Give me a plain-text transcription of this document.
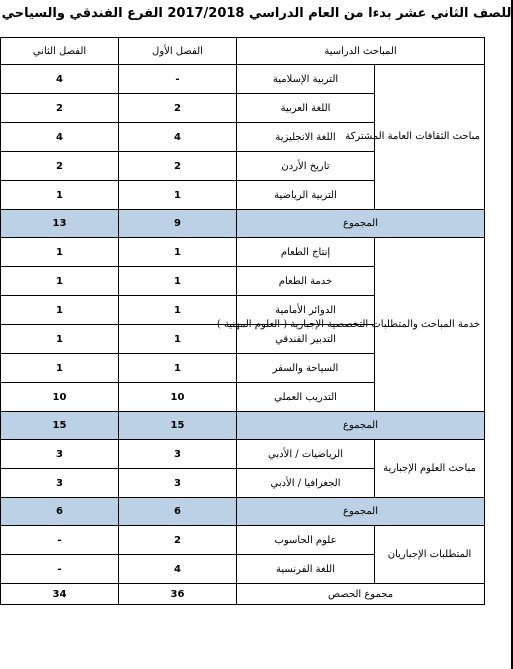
للصف الثاني عشر بدءا من العام الدراسي 2017/2018 الفرع الفندقي والسياحي
المباحث الدراسية		الفصل الأول	الفصل الثاني
مباحث الثقافات العامة المشتركة	التربية الإسلامية	-	4
	اللغة العربية	2	2
	اللغة الانجليزية	4	4
	تاريخ الأردن	2	2
	التربية الرياضية	1	1
المجموع		9	13
خدمة المباحث والمتطلبات التخصصية الإجبارية ( العلوم المهنية )	إنتاج الطعام	1	1
	خدمة الطعام	1	1
	الدوائر الأمامية	1	1
	التدبير الفندقي	1	1
	السياحة والسفر	1	1
	التدريب العملي	10	10
المجموع		15	15
مباحث العلوم الإجبارية	الرياضيات / الأدبي	3	3
	الجغرافيا / الأدبي	3	3
المجموع		6	6
المتطلبات الإجباريان	علوم الحاسوب	2	-
	اللغة الفرنسية	4	-
مجموع الحصص		36	34
